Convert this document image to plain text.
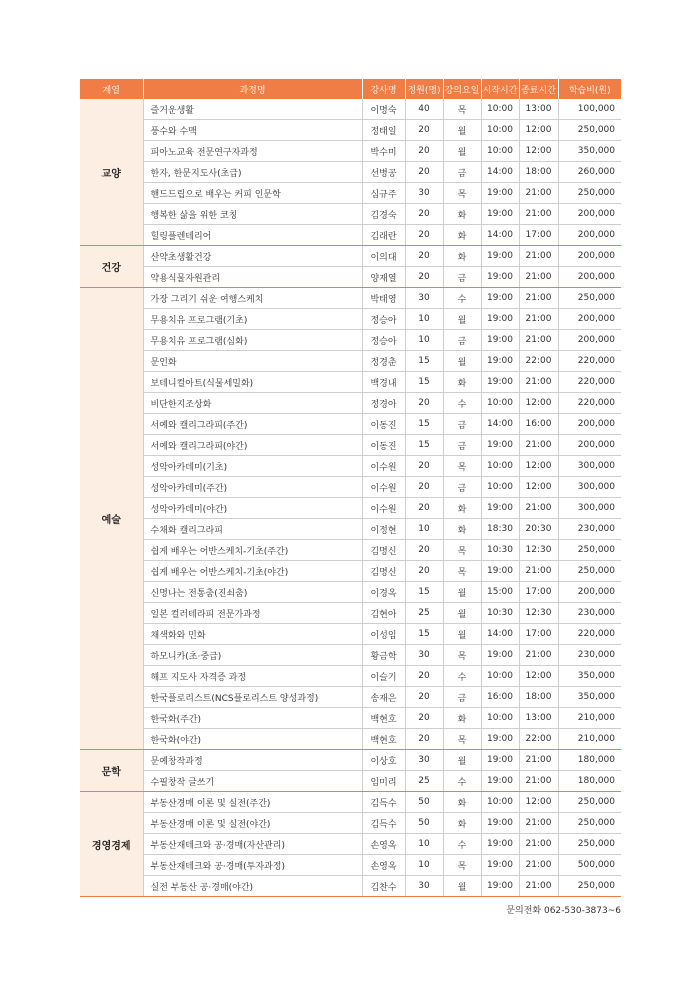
계열	과정명	강사명	정원(명)	강의요일	시작시간	종료시간	학습비(원)
교양	즐거운생활	이명숙	40	목	10:00	13:00	100,000
	풍수와 수맥	정태일	20	월	10:00	12:00	250,000
	피아노교육 전문연구자과정	박수미	20	월	10:00	12:00	350,000
	한자, 한문지도사(초급)	선병공	20	금	14:00	18:00	260,000
	핸드드립으로 배우는 커피 인문학	심규주	30	목	19:00	21:00	250,000
	행복한 삶을 위한 코칭	김경숙	20	화	19:00	21:00	200,000
	힐링플렌테리어	김래란	20	화	14:00	17:00	200,000
건강	산약초생활건강	이의대	20	화	19:00	21:00	200,000
	약용식물자원관리	양재열	20	금	19:00	21:00	200,000
예술	가장 그리기 쉬운 여행스케치	박태영	30	수	19:00	21:00	250,000
	무용치유 프로그램(기초)	정승아	10	월	19:00	21:00	200,000
	무용치유 프로그램(심화)	정승아	10	금	19:00	21:00	200,000
	문인화	정경춘	15	월	19:00	22:00	220,000
	보테니컬아트(식물세밀화)	백경내	15	화	19:00	21:00	220,000
	비단한지조상화	정경아	20	수	10:00	12:00	220,000
	서예와 캘리그라피(주간)	이동진	15	금	14:00	16:00	200,000
	서예와 캘리그라피(야간)	이동진	15	금	19:00	21:00	200,000
	성악아카데미(기초)	이수원	20	목	10:00	12:00	300,000
	성악아카데미(주간)	이수원	20	금	10:00	12:00	300,000
	성악아카데미(야간)	이수원	20	화	19:00	21:00	300,000
	수채화 캘리그라피	이정현	10	화	18:30	20:30	230,000
	쉽게 배우는 어반스케치-기초(주간)	김명신	20	목	10:30	12:30	250,000
	쉽게 배우는 어반스케치-기초(야간)	김명신	20	목	19:00	21:00	250,000
	신명나는 전통춤(진쇠춤)	이경옥	15	월	15:00	17:00	200,000
	일본 컬러테라피 전문가과정	김현아	25	월	10:30	12:30	230,000
	채색화와 민화	이성임	15	월	14:00	17:00	220,000
	하모니카(초·중급)	황금학	30	목	19:00	21:00	230,000
	해프 지도사 자격증 과정	이슬기	20	수	10:00	12:00	350,000
	한국플로리스트(NCS플로리스트 양성과정)	송재은	20	금	16:00	18:00	350,000
	한국화(주간)	백현호	20	화	10:00	13:00	210,000
	한국화(야간)	백현호	20	목	19:00	22:00	210,000
문학	문예창작과정	이상호	30	월	19:00	21:00	180,000
	수필창작 글쓰기	임미리	25	수	19:00	21:00	180,000
경영경제	부동산경매 이론 및 실전(주간)	김득수	50	화	10:00	12:00	250,000
	부동산경매 이론 및 실전(야간)	김득수	50	화	19:00	21:00	250,000
	부동산재테크와 공·경매(자산관리)	손영옥	10	수	19:00	21:00	250,000
	부동산재테크와 공·경매(투자과정)	손영옥	10	목	19:00	21:00	500,000
	실전 부동산 공·경매(야간)	김찬수	30	월	19:00	21:00	250,000
문의전화 062-530-3873~6
